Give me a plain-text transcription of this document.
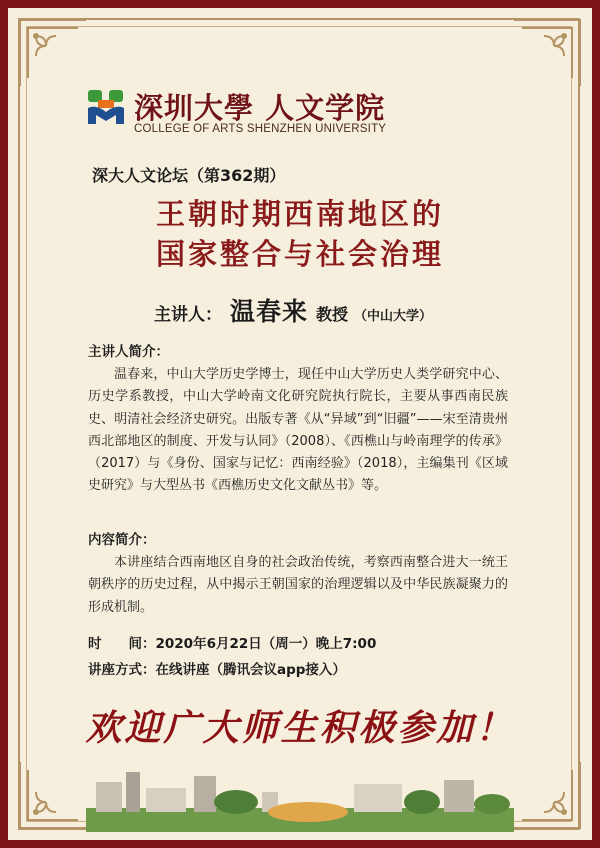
深圳大學 人文学院
COLLEGE OF ARTS SHENZHEN UNIVERSITY
深大人文论坛（第362期）
王朝时期西南地区的
国家整合与社会治理
主讲人： 温春来 教授 （中山大学）
主讲人简介：
温春来，中山大学历史学博士，现任中山大学历史人类学研究中心、历史学系教授，中山大学岭南文化研究院执行院长，主要从事西南民族史、明清社会经济史研究。出版专著《从“异域”到“旧疆”——宋至清贵州西北部地区的制度、开发与认同》（2008）、《西樵山与岭南理学的传承》（2017）与《身份、国家与记忆：西南经验》（2018），主编集刊《区域史研究》与大型丛书《西樵历史文化文献丛书》等。
内容简介：
本讲座结合西南地区自身的社会政治传统，考察西南整合进大一统王朝秩序的历史过程，从中揭示王朝国家的治理逻辑以及中华民族凝聚力的形成机制。
时　　间：2020年6月22日（周一）晚上7:00
讲座方式：在线讲座（腾讯会议app接入）
欢迎广大师生积极参加！
